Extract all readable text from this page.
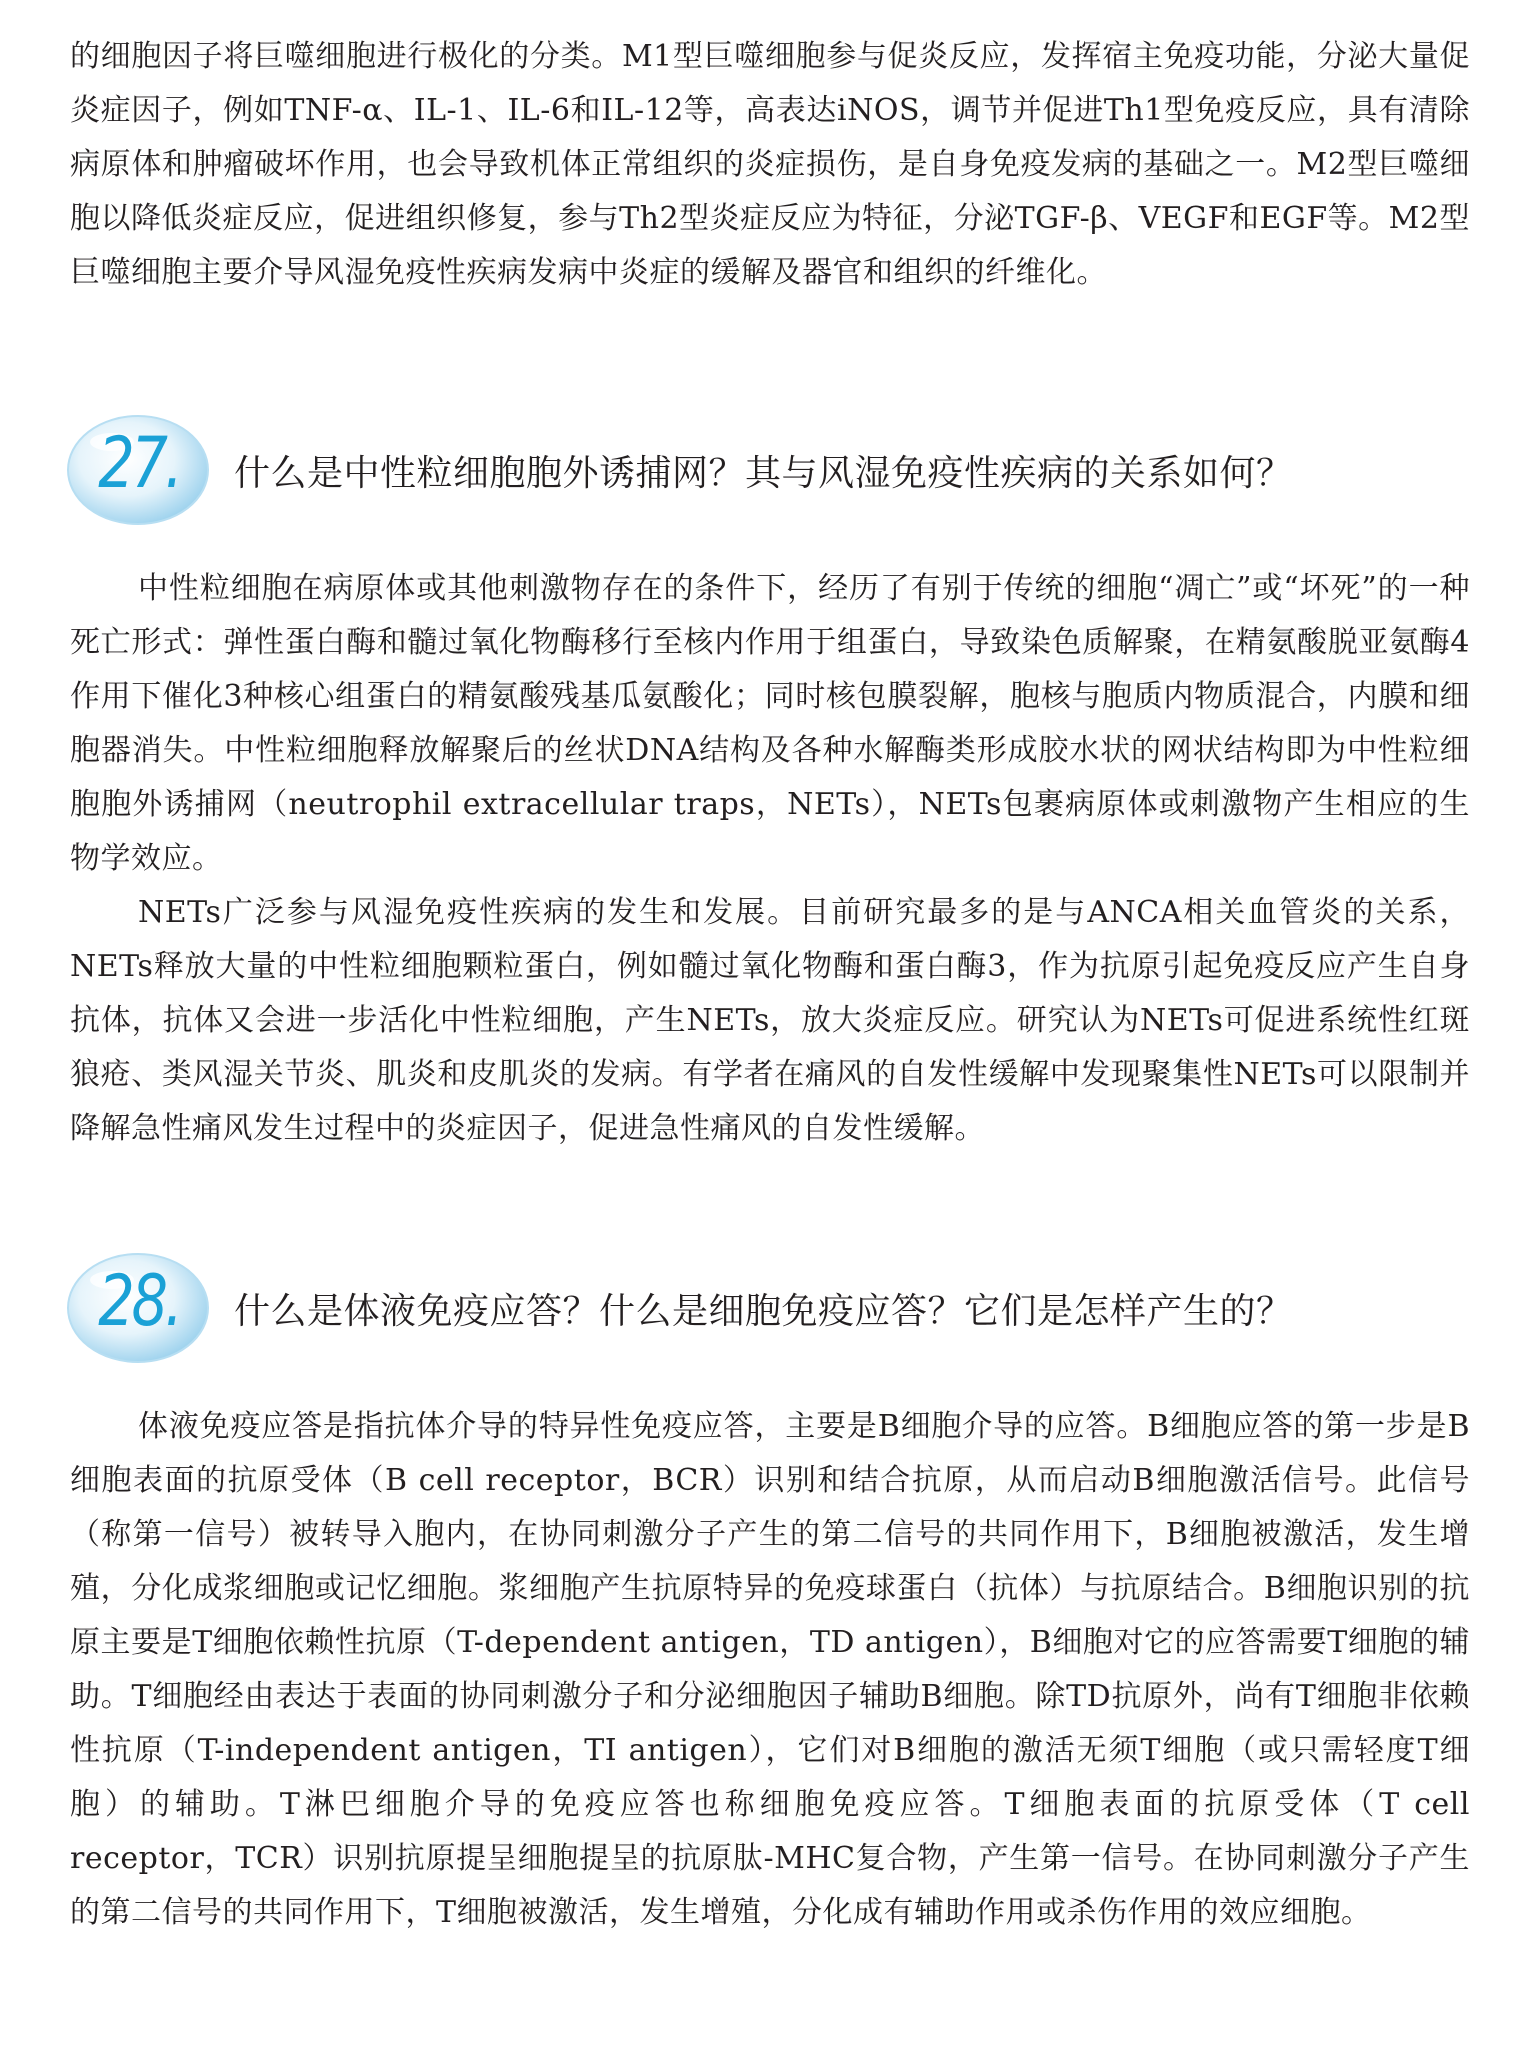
的细胞因子将巨噬细胞进行极化的分类。M1型巨噬细胞参与促炎反应，发挥宿主免疫功能，分泌大量促炎症因子，例如TNF-α、IL-1、IL-6和IL-12等，高表达iNOS，调节并促进Th1型免疫反应，具有清除病原体和肿瘤破坏作用，也会导致机体正常组织的炎症损伤，是自身免疫发病的基础之一。M2型巨噬细胞以降低炎症反应，促进组织修复，参与Th2型炎症反应为特征，分泌TGF-β、VEGF和EGF等。M2型巨噬细胞主要介导风湿免疫性疾病发病中炎症的缓解及器官和组织的纤维化。

27.	什么是中性粒细胞胞外诱捕网？其与风湿免疫性疾病的关系如何？

中性粒细胞在病原体或其他刺激物存在的条件下，经历了有别于传统的细胞“凋亡”或“坏死”的一种死亡形式：弹性蛋白酶和髓过氧化物酶移行至核内作用于组蛋白，导致染色质解聚，在精氨酸脱亚氨酶4作用下催化3种核心组蛋白的精氨酸残基瓜氨酸化；同时核包膜裂解，胞核与胞质内物质混合，内膜和细胞器消失。中性粒细胞释放解聚后的丝状DNA结构及各种水解酶类形成胶水状的网状结构即为中性粒细胞胞外诱捕网（neutrophil extracellular traps，NETs），NETs包裹病原体或刺激物产生相应的生物学效应。

NETs广泛参与风湿免疫性疾病的发生和发展。目前研究最多的是与ANCA相关血管炎的关系，NETs释放大量的中性粒细胞颗粒蛋白，例如髓过氧化物酶和蛋白酶3，作为抗原引起免疫反应产生自身抗体，抗体又会进一步活化中性粒细胞，产生NETs，放大炎症反应。研究认为NETs可促进系统性红斑狼疮、类风湿关节炎、肌炎和皮肌炎的发病。有学者在痛风的自发性缓解中发现聚集性NETs可以限制并降解急性痛风发生过程中的炎症因子，促进急性痛风的自发性缓解。

28.	什么是体液免疫应答？什么是细胞免疫应答？它们是怎样产生的？

体液免疫应答是指抗体介导的特异性免疫应答，主要是B细胞介导的应答。B细胞应答的第一步是B细胞表面的抗原受体（B cell receptor，BCR）识别和结合抗原，从而启动B细胞激活信号。此信号（称第一信号）被转导入胞内，在协同刺激分子产生的第二信号的共同作用下，B细胞被激活，发生增殖，分化成浆细胞或记忆细胞。浆细胞产生抗原特异的免疫球蛋白（抗体）与抗原结合。B细胞识别的抗原主要是T细胞依赖性抗原（T-dependent antigen，TD antigen），B细胞对它的应答需要T细胞的辅助。T细胞经由表达于表面的协同刺激分子和分泌细胞因子辅助B细胞。除TD抗原外，尚有T细胞非依赖性抗原（T-independent antigen，TI antigen），它们对B细胞的激活无须T细胞（或只需轻度T细胞）的辅助。T淋巴细胞介导的免疫应答也称细胞免疫应答。T细胞表面的抗原受体（T cell receptor，TCR）识别抗原提呈细胞提呈的抗原肽-MHC复合物，产生第一信号。在协同刺激分子产生的第二信号的共同作用下，T细胞被激活，发生增殖，分化成有辅助作用或杀伤作用的效应细胞。
